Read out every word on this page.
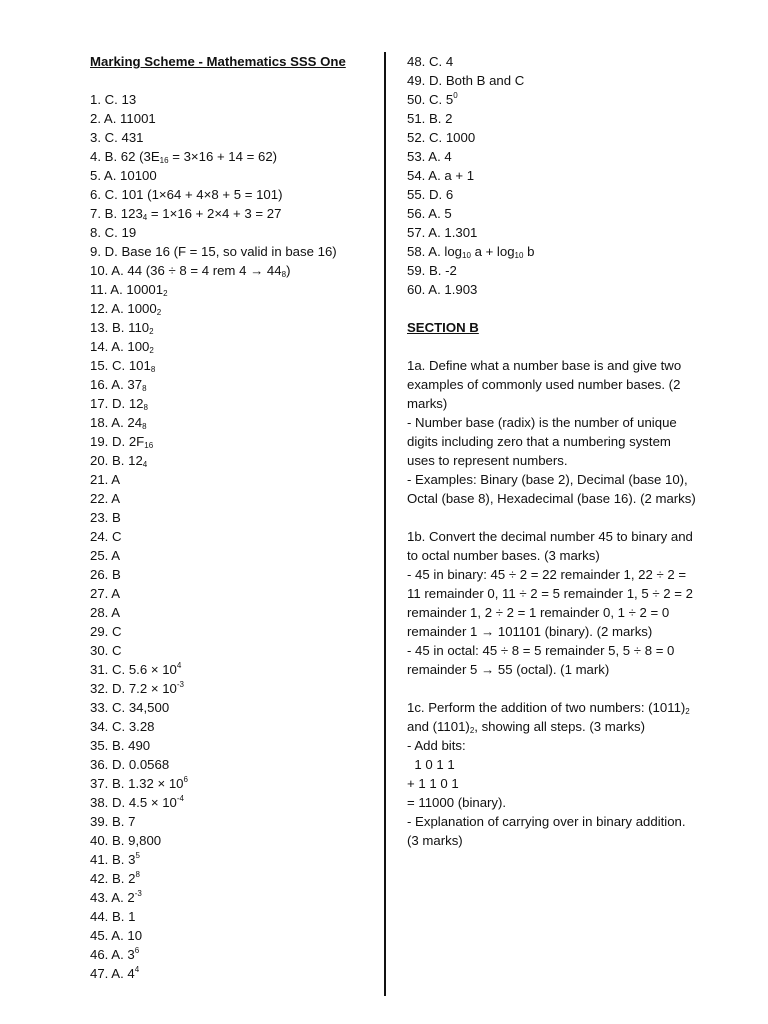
Marking Scheme - Mathematics SSS One
1. C. 13
2. A. 11001
3. C. 431
4. B. 62 $(3E_{16} = 3\times 16 + 14 = 62)$
5. A. 10100
6. C. 101 (1×64 + 4×8 + 5 = 101)
7. B. $123_4 = 1\times 16 + 2\times 4 + 3 = 27$
8. C. 19
9. D. Base 16 (F = 15, so valid in base 16)
10. A. 44 (36 ÷ 8 = 4 rem $4 \to 44_8$)
11. A. $10001_2$
12. A. $1000_2$
13. B. $110_2$
14. A. $100_2$
15. C. $101_8$
16. A. $37_8$
17. D. $12_8$
18. A. $24_8$
19. D. $2F_{16}$
20. B. $12_4$
21. A
22. A
23. B
24. C
25. A
26. B
27. A
28. A
29. C
30. C
31. C. $5.6 \times 10^4$
32. D. $7.2 \times 10^{-3}$
33. C. 34,500
34. C. 3.28
35. B. 490
36. D. 0.0568
37. B. $1.32 \times 10^6$
38. D. $4.5 \times 10^{-4}$
39. B. 7
40. B. 9,800
41. B. $3^5$
42. B. $2^8$
43. A. $2^{-3}$
44. B. 1
45. A. 10
46. A. $3^6$
47. A. $4^4$
48. C. 4
49. D. Both B and C
50. C. $5^0$
51. B. 2
52. C. 1000
53. A. 4
54. A. a + 1
55. D. 6
56. A. 5
57. A. 1.301
58. A. $\log_{10} a + \log_{10} b$
59. B. -2
60. A. 1.903
SECTION B
1a. Define what a number base is and give two examples of commonly used number bases. (2 marks)
- Number base (radix) is the number of unique digits including zero that a numbering system uses to represent numbers.
- Examples: Binary (base 2), Decimal (base 10), Octal (base 8), Hexadecimal (base 16). (2 marks)
1b. Convert the decimal number 45 to binary and to octal number bases. (3 marks)
- 45 in binary: 45 ÷ 2 = 22 remainder 1, 22 ÷ 2 = 11 remainder 0, 11 ÷ 2 = 5 remainder 1, 5 ÷ 2 = 2 remainder 1, 2 ÷ 2 = 1 remainder 0, 1 ÷ 2 = 0 remainder 1 → 101101 (binary). (2 marks)
- 45 in octal: 45 ÷ 8 = 5 remainder 5, 5 ÷ 8 = 0 remainder 5 → 55 (octal). (1 mark)
1c. Perform the addition of two numbers: $(1011)_2$ and $(1101)_2$, showing all steps. (3 marks)
- Add bits:
1 0 1 1
+ 1 1 0 1
= 11000 (binary).
- Explanation of carrying over in binary addition. (3 marks)
